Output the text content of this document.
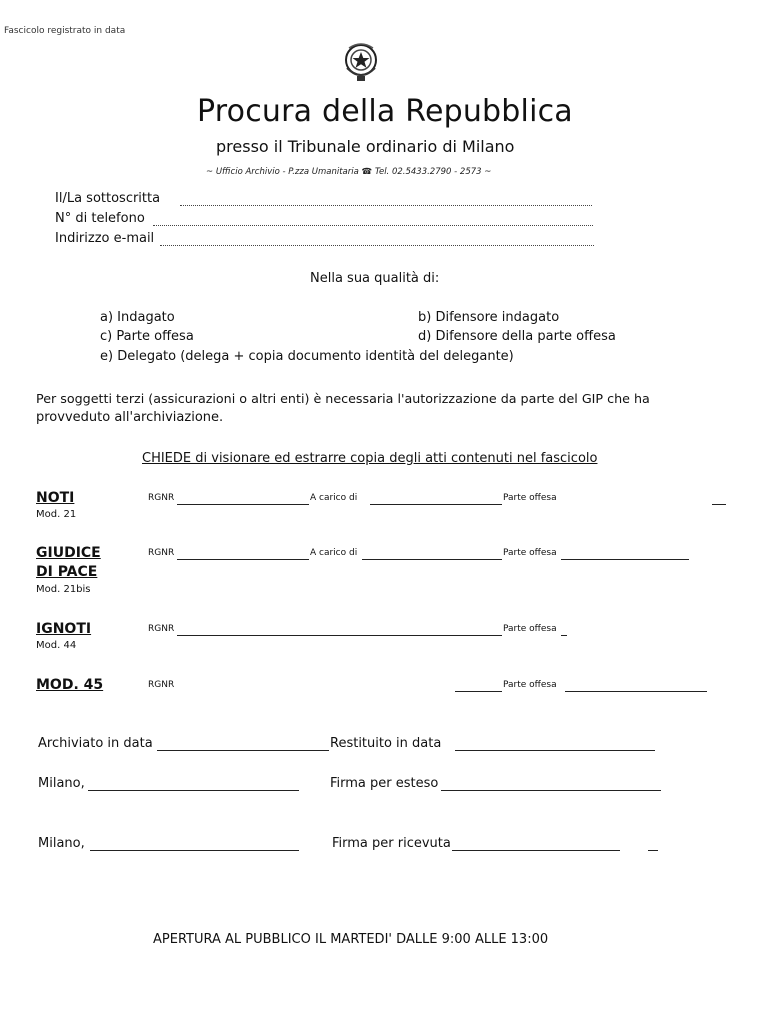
Fascicolo registrato in data
Procura della Repubblica
presso il Tribunale ordinario di Milano
~ Ufficio Archivio - P.zza Umanitaria ☎ Tel. 02.5433.2790 - 2573 ~
Il/La sottoscritta
N° di telefono
Indirizzo e-mail
Nella sua qualità di:
a) Indagato	b) Difensore indagato
c) Parte offesa	d) Difensore della parte offesa
e) Delegato (delega + copia documento identità del delegante)
Per soggetti terzi (assicurazioni o altri enti) è necessaria l'autorizzazione da parte del GIP che ha
provveduto all'archiviazione.
CHIEDE di visionare ed estrarre copia degli atti contenuti nel fascicolo
NOTI
Mod. 21
RGNR	A carico di	Parte offesa
GIUDICE
DI PACE
Mod. 21bis
RGNR	A carico di	Parte offesa
IGNOTI
Mod. 44
RGNR	Parte offesa
MOD. 45	RGNR	Parte offesa
Archiviato in data	Restituito in data
Milano,	Firma per esteso
Milano,	Firma per ricevuta
APERTURA AL PUBBLICO IL MARTEDI' DALLE 9:00 ALLE 13:00
